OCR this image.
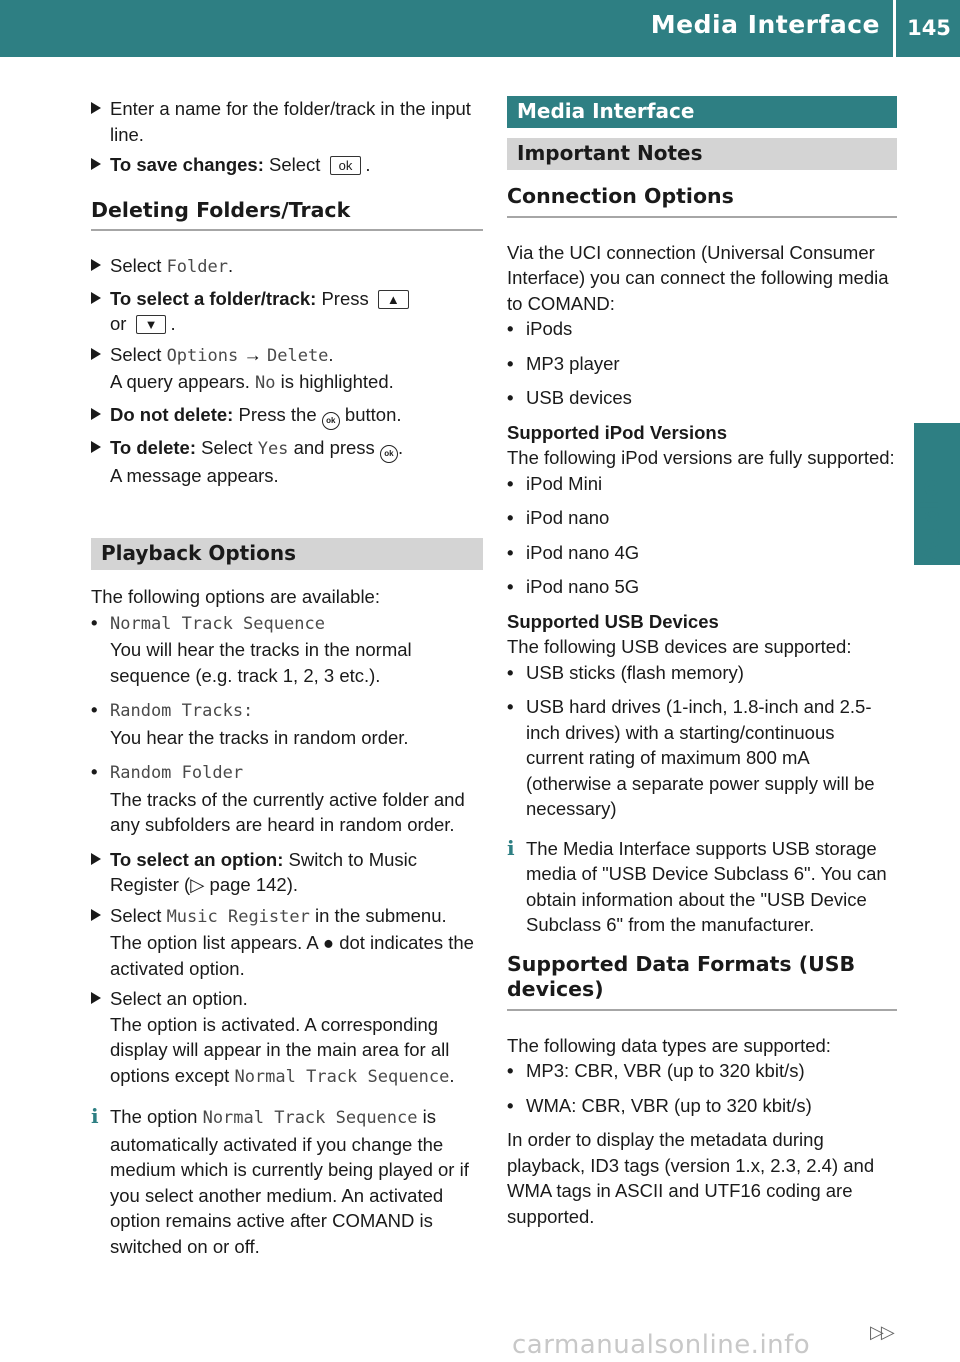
Media Interface 145
Audio
Enter a name for the folder/track in the input line.
To save changes: Select ok .
Deleting Folders/Track
Select Folder.
To select a folder/track: Press ▲
or ▼ .
Select Options → Delete.
A query appears. No is highlighted.
Do not delete: Press the ok button.
To delete: Select Yes and press ok .
A message appears.
Playback Options
The following options are available:
• Normal Track Sequence
You will hear the tracks in the normal sequence (e.g. track 1, 2, 3 etc.).
• Random Tracks:
You hear the tracks in random order.
• Random Folder
The tracks of the currently active folder and any subfolders are heard in random order.
To select an option: Switch to Music Register (▷ page 142).
Select Music Register in the submenu.
The option list appears. A ● dot indicates the activated option.
Select an option.
The option is activated. A corresponding display will appear in the main area for all options except Normal Track Sequence.
i The option Normal Track Sequence is automatically activated if you change the medium which is currently being played or if you select another medium. An activated option remains active after COMAND is switched on or off.
Media Interface
Important Notes
Connection Options
Via the UCI connection (Universal Consumer Interface) you can connect the following media to COMAND:
• iPods
• MP3 player
• USB devices
Supported iPod Versions
The following iPod versions are fully supported:
• iPod Mini
• iPod nano
• iPod nano 4G
• iPod nano 5G
Supported USB Devices
The following USB devices are supported:
• USB sticks (flash memory)
• USB hard drives (1-inch, 1.8-inch and 2.5-inch drives) with a starting/continuous current rating of maximum 800 mA (otherwise a separate power supply will be necessary)
i The Media Interface supports USB storage media of "USB Device Subclass 6". You can obtain information about the "USB Device Subclass 6" from the manufacturer.
Supported Data Formats (USB devices)
The following data types are supported:
• MP3: CBR, VBR (up to 320 kbit/s)
• WMA: CBR, VBR (up to 320 kbit/s)
In order to display the metadata during playback, ID3 tags (version 1.x, 2.3, 2.4) and WMA tags in ASCII and UTF16 coding are supported.
▷▷
carmanualsonline.info
